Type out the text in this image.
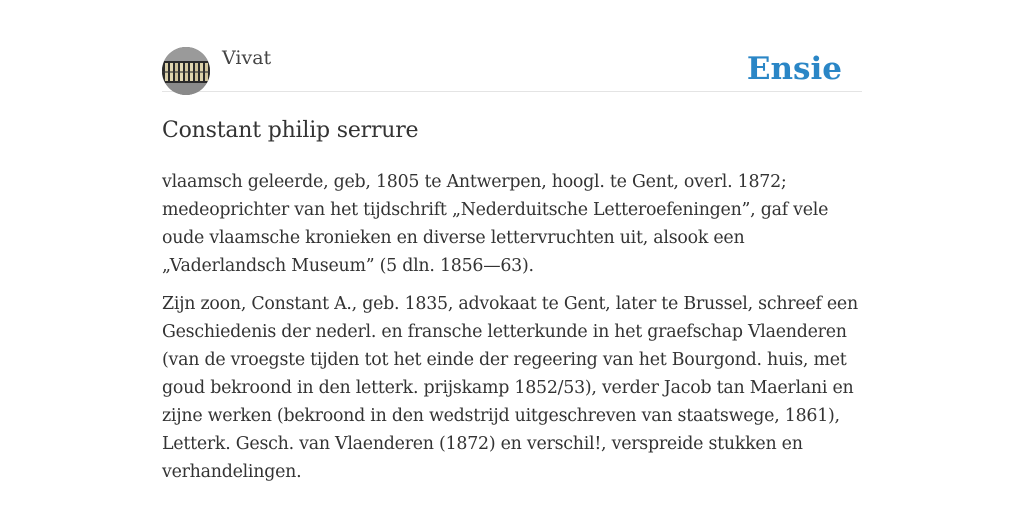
Vivat	Ensie
Constant philip serrure

vlaamsch geleerde, geb, 1805 te Antwerpen, hoogl. te Gent, overl. 1872;
medeoprichter van het tijdschrift „Nederduitsche Letteroefeningen”, gaf vele
oude vlaamsche kronieken en diverse lettervruchten uit, alsook een
„Vaderlandsch Museum” (5 dln. 1856—63).

Zijn zoon, Constant A., geb. 1835, advokaat te Gent, later te Brussel, schreef een
Geschiedenis der nederl. en fransche letterkunde in het graefschap Vlaenderen
(van de vroegste tijden tot het einde der regeering van het Bourgond. huis, met
goud bekroond in den letterk. prijskamp 1852/53), verder Jacob tan Maerlani en
zijne werken (bekroond in den wedstrijd uitgeschreven van staatswege, 1861),
Letterk. Gesch. van Vlaenderen (1872) en verschil!, verspreide stukken en
verhandelingen.
